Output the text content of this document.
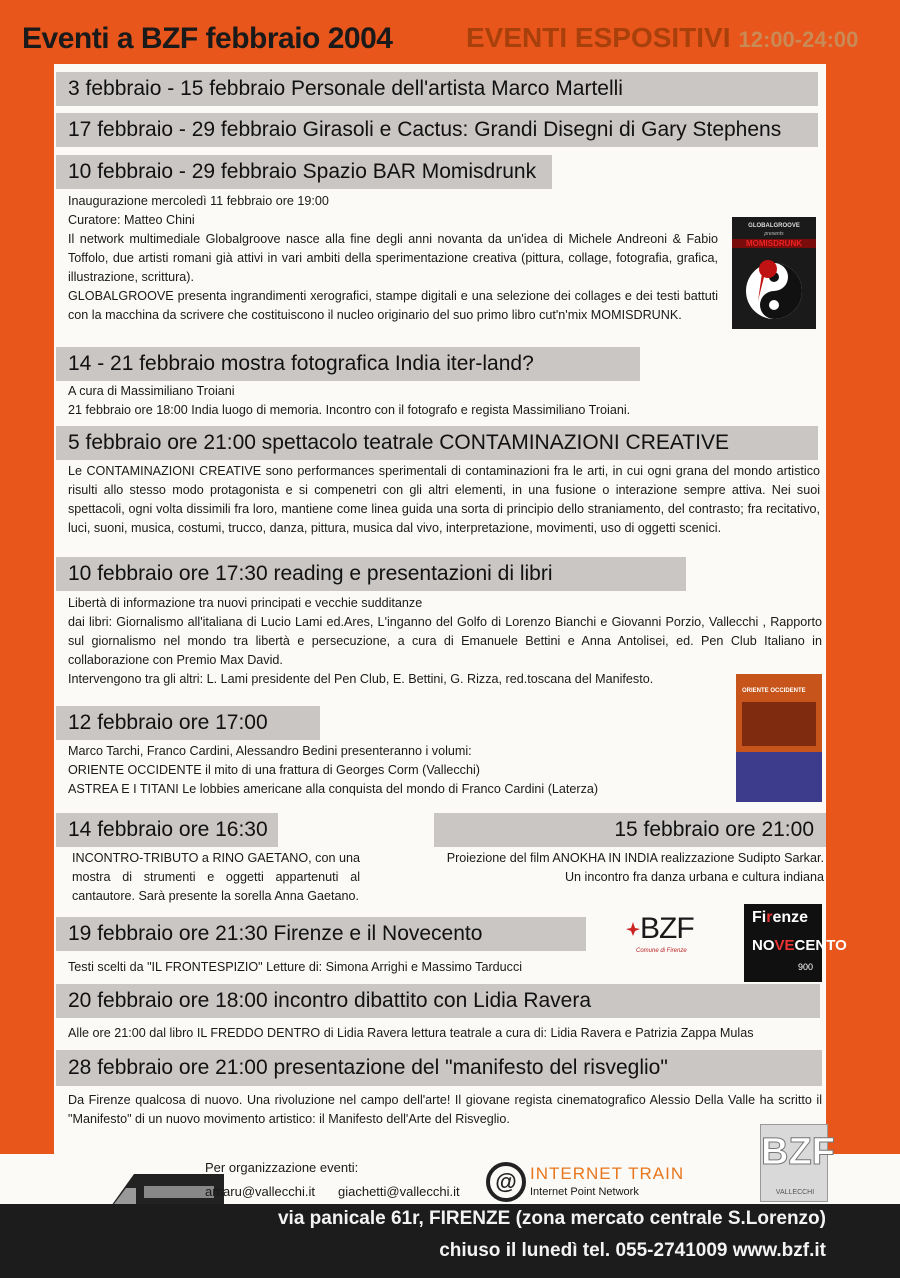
Eventi a BZF febbraio 2004	EVENTI ESPOSITIVI 12:00-24:00
3 febbraio - 15 febbraio Personale dell'artista Marco Martelli
17 febbraio - 29 febbraio Girasoli e Cactus: Grandi Disegni di Gary Stephens
10 febbraio - 29 febbraio Spazio BAR Momisdrunk

Inaugurazione mercoledì 11 febbraio ore 19:00

Curatore: Matteo Chini

Il network multimediale Globalgroove nasce alla fine degli anni novanta da un'idea di Michele Andreoni & Fabio Toffolo, due artisti romani già attivi in vari ambiti della sperimentazione creativa (pittura, collage, fotografia, grafica, illustrazione, scrittura).

GLOBALGROOVE presenta ingrandimenti xerografici, stampe digitali e una selezione dei collages e dei testi battuti con la macchina da scrivere che costituiscono il nucleo originario del suo primo libro cut'n'mix MOMISDRUNK.

GLOBALGROOVE
presents
MOMISDRUNK
14 - 21 febbraio mostra fotografica India iter-land?

A cura di Massimiliano Troiani

21 febbraio ore 18:00 India luogo di memoria. Incontro con il fotografo e regista Massimiliano Troiani.

5 febbraio ore 21:00 spettacolo teatrale CONTAMINAZIONI CREATIVE
Le CONTAMINAZIONI CREATIVE sono performances sperimentali di contaminazioni fra le arti, in cui ogni grana del mondo artistico risulti allo stesso modo protagonista e si compenetri con gli altri elementi, in una fusione o interazione sempre attiva. Nei suoi spettacoli, ogni volta dissimili fra loro, mantiene come linea guida una sorta di principio dello straniamento, del contrasto; fra recitativo, luci, suoni, musica, costumi, trucco, danza, pittura, musica dal vivo, interpretazione, movimenti, uso di oggetti scenici.
10 febbraio ore 17:30 reading e presentazioni di libri

Libertà di informazione tra nuovi principati e vecchie sudditanze

dai libri: Giornalismo all'italiana di Lucio Lami ed.Ares, L'inganno del Golfo di Lorenzo Bianchi e Giovanni Porzio, Vallecchi , Rapporto sul giornalismo nel mondo tra libertà e persecuzione, a cura di Emanuele Bettini e Anna Antolisei, ed. Pen Club Italiano in collaborazione con Premio Max David.

Intervengono tra gli altri: L. Lami presidente del Pen Club, E. Bettini, G. Rizza, red.toscana del Manifesto.

12 febbraio ore 17:00

Marco Tarchi, Franco Cardini, Alessandro Bedini presenteranno i volumi:

ORIENTE OCCIDENTE il mito di una frattura di Georges Corm (Vallecchi)

ASTREA E I TITANI Le lobbies americane alla conquista del mondo di Franco Cardini (Laterza)

ORIENTE OCCIDENTE
14 febbraio ore 16:30
INCONTRO-TRIBUTO a RINO GAETANO, con una mostra di strumenti e oggetti appartenuti al cantautore. Sarà presente la sorella Anna Gaetano.
15 febbraio ore 21:00

Proiezione del film ANOKHA IN INDIA realizzazione Sudipto Sarkar.

Un incontro fra danza urbana e cultura indiana

19 febbraio ore 21:30 Firenze e il Novecento
Testi scelti da "IL FRONTESPIZIO" Letture di: Simona Arrighi e Massimo Tarducci
BZF
Comune di Firenze
Firenze
NOVECENTO
900
20 febbraio ore 18:00 incontro dibattito con Lidia Ravera
Alle ore 21:00 dal libro IL FREDDO DENTRO di Lidia Ravera lettura teatrale a cura di: Lidia Ravera e Patrizia Zappa Mulas
28 febbraio ore 21:00 presentazione del "manifesto del risveglio"
Da Firenze qualcosa di nuovo. Una rivoluzione nel campo dell'arte! Il giovane regista cinematografico Alessio Della Valle ha scritto il "Manifesto" di un nuovo movimento artistico: il Manifesto dell'Arte del Risveglio.
Per organizzazione eventi:
amaru@vallecchi.it giachetti@vallecchi.it	@ INTERNET TRAIN
Internet Point Network
BZF
VALLECCHI
via panicale 61r, FIRENZE (zona mercato centrale S.Lorenzo)
chiuso il lunedì tel. 055-2741009 www.bzf.it
